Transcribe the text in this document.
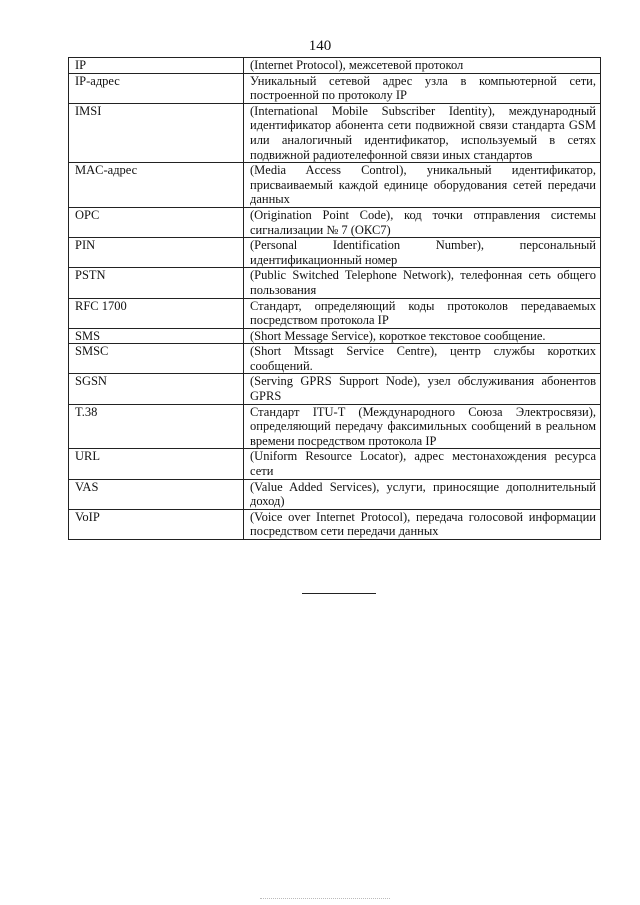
140
IP	(Internet Protocol), межсетевой протокол
IP-адрес	Уникальный сетевой адрес узла в компьютерной сети, построенной по протоколу IP
IMSI	(International Mobile Subscriber Identity), международный идентификатор абонента сети подвижной связи стандарта GSM или аналогичный идентификатор, используемый в сетях подвижной радиотелефонной связи иных стандартов
MAC-адрес	(Media Access Control), уникальный идентификатор, присваиваемый каждой единице оборудования сетей передачи данных
OPC	(Origination Point Code), код точки отправления системы сигнализации № 7 (ОКС7)
PIN	(Personal Identification Number), персональный идентификационный номер
PSTN	(Public Switched Telephone Network), телефонная сеть общего пользования
RFC 1700	Стандарт, определяющий коды протоколов передаваемых посредством протокола IP
SMS	(Short Message Service), короткое текстовое сообщение.
SMSC	(Short Mtssagt Service Centre), центр службы коротких сообщений.
SGSN	(Serving GPRS Support Node), узел обслуживания абонентов GPRS
T.38	Стандарт ITU-T (Международного Союза Электросвязи), определяющий передачу факсимильных сообщений в реальном времени посредством протокола IP
URL	(Uniform Resource Locator), адрес местонахождения ресурса сети
VAS	(Value Added Services), услуги, приносящие дополнительный доход)
VoIP	(Voice over Internet Protocol), передача голосовой информации посредством сети передачи данных
